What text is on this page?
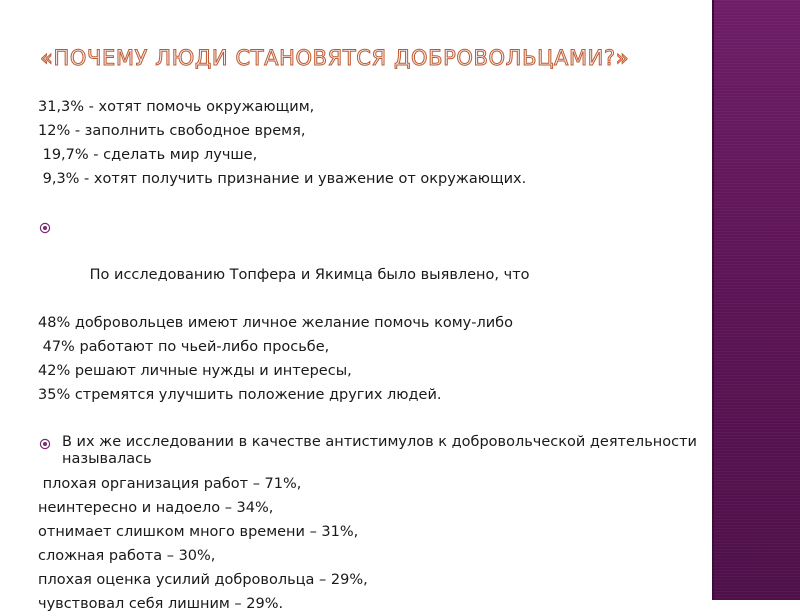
«ПОЧЕМУ ЛЮДИ СТАНОВЯТСЯ ДОБРОВОЛЬЦАМИ?»
31,3% - хотят помочь окружающим,
12% - заполнить свободное время,
19,7% - сделать мир лучше,
9,3% - хотят получить признание и уважение от окружающих.

По исследованию Топфера и Якимца было выявлено, что

48% добровольцев имеют личное желание помочь кому-либо
47% работают по чьей-либо просьбе,
42% решают личные нужды и интересы,
35% стремятся улучшить положение других людей.
В их же исследовании в качестве антистимулов к добровольческой деятельности называлась
плохая организация работ – 71%,
неинтересно и надоело – 34%,
отнимает слишком много времени – 31%,
сложная работа – 30%,
плохая оценка усилий добровольца – 29%,
чувствовал себя лишним – 29%.
